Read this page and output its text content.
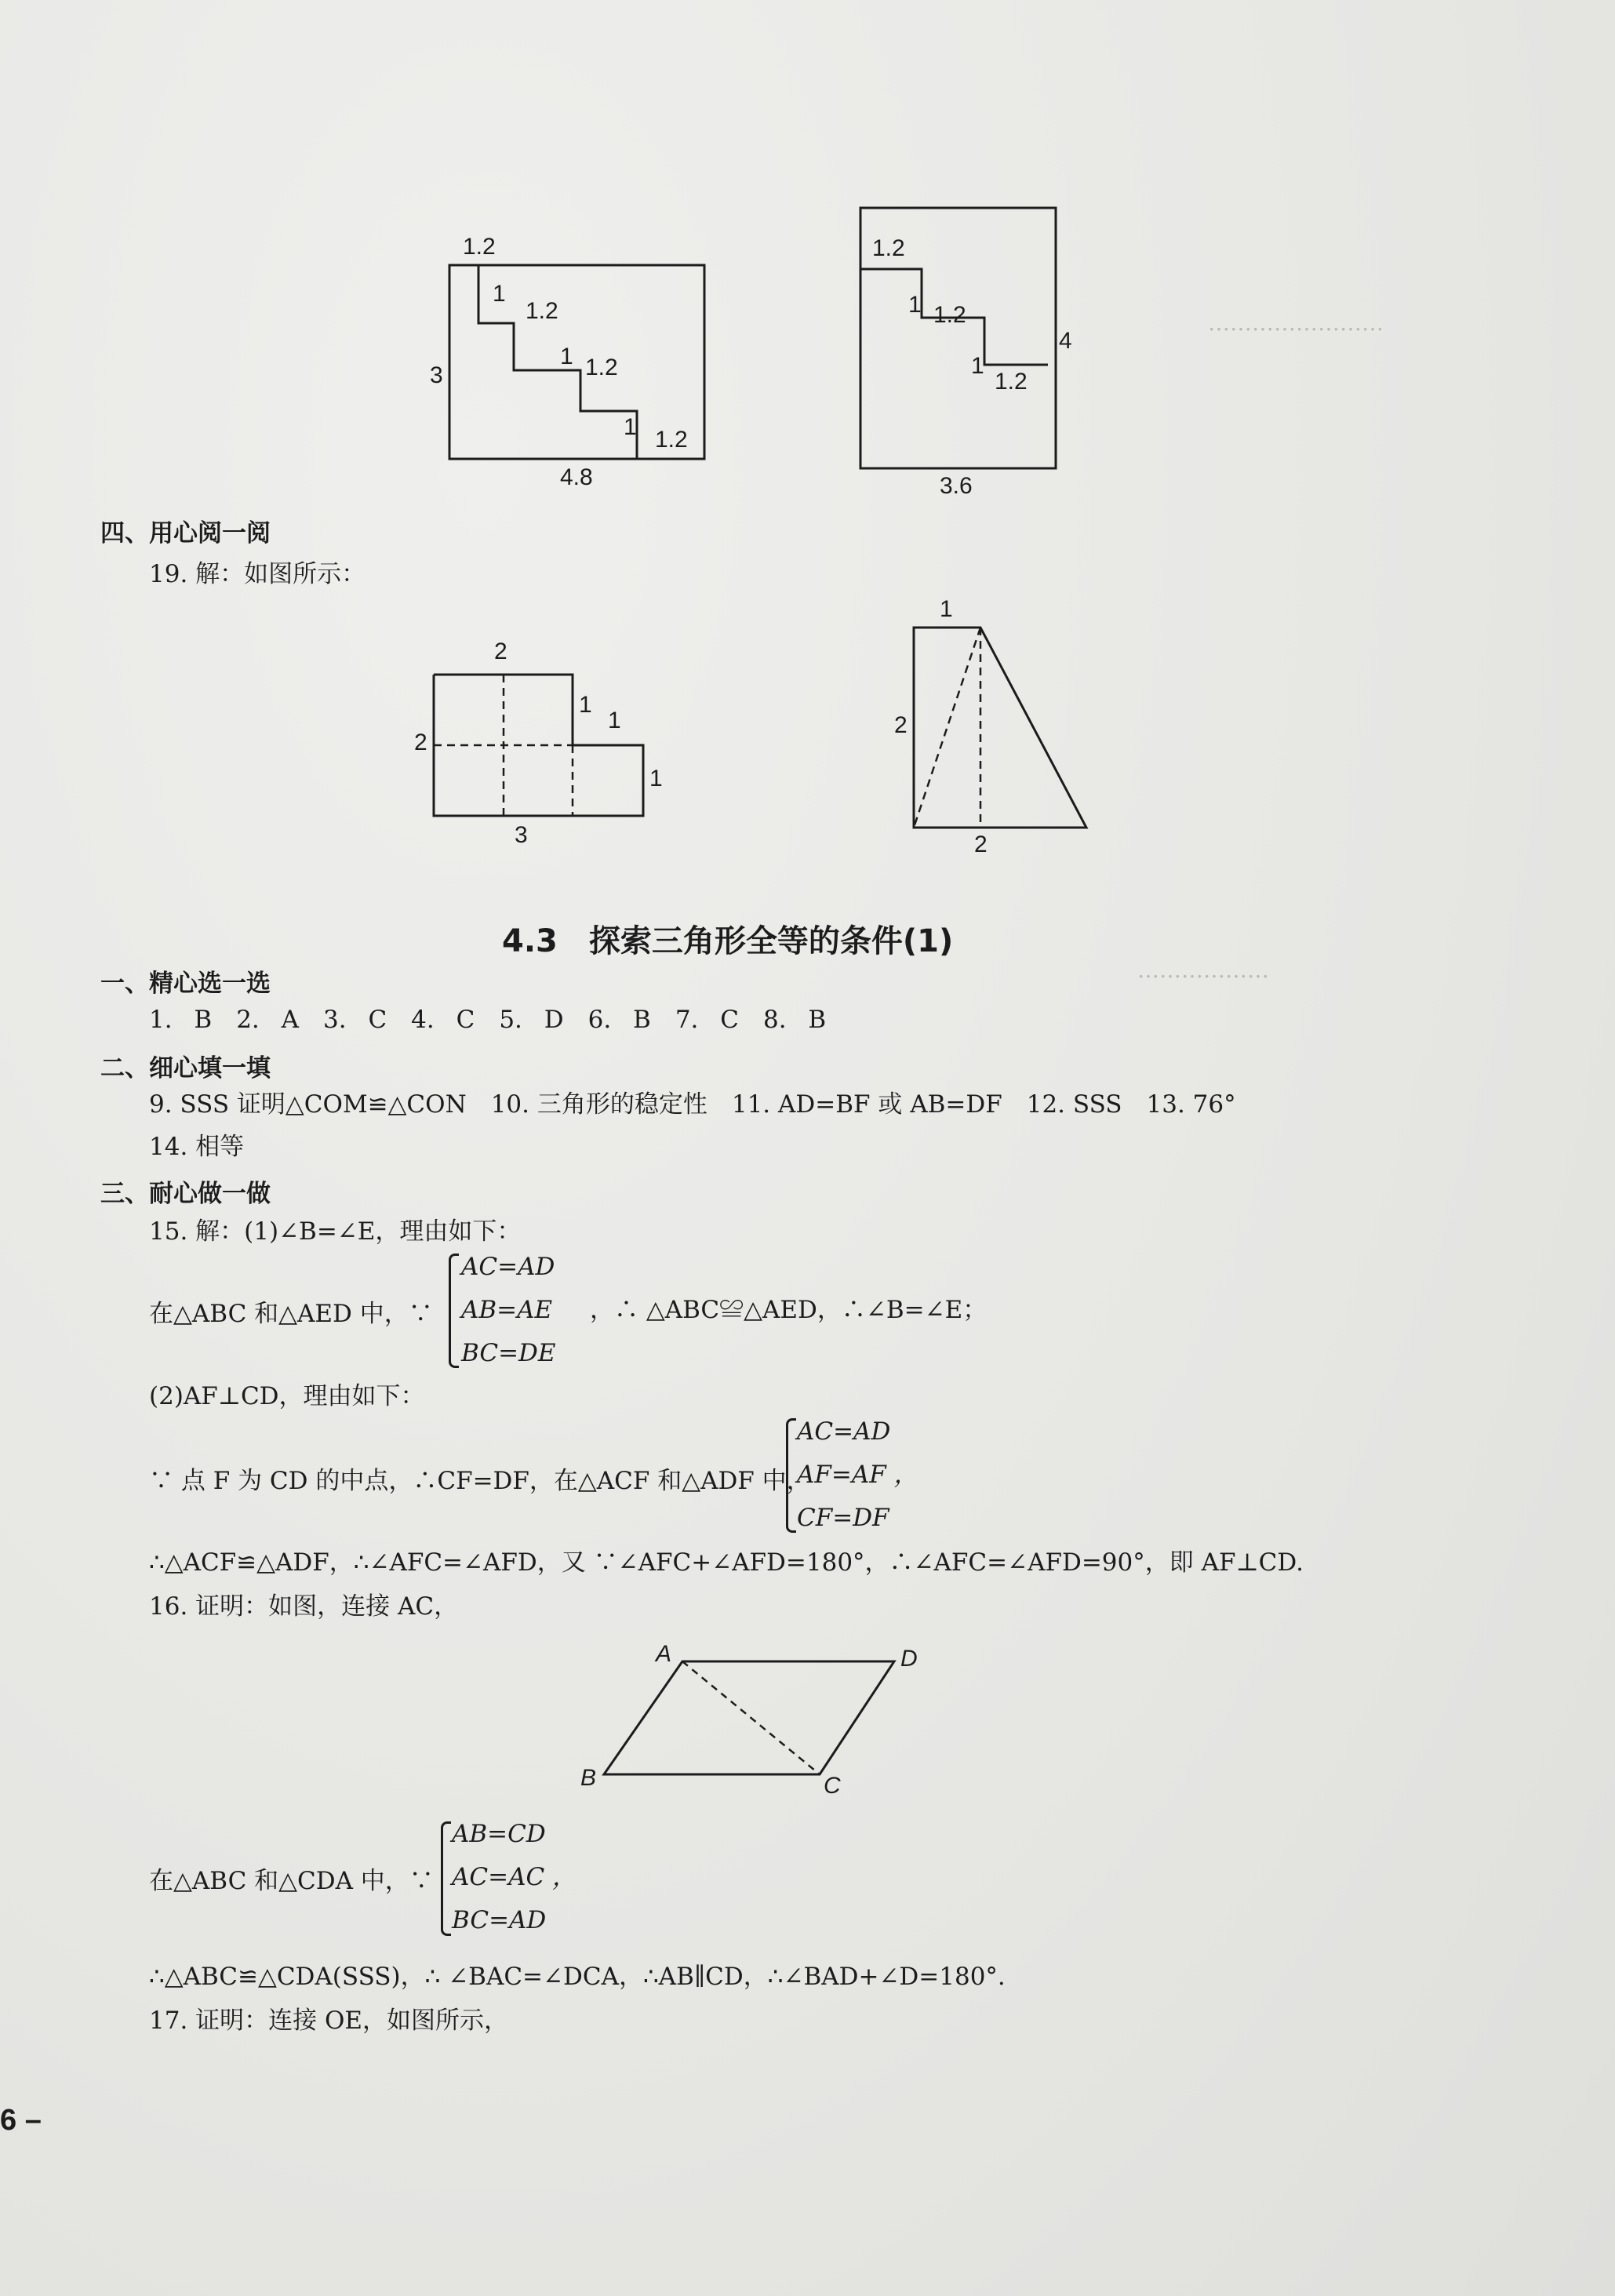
……………………
………………
1.2
1
1.2
1 1.2
1 1.2
3
4.8
1.2
1 1.2
1
1.2
4
3.6
四、用心阅一阅
19. 解：如图所示：
2
1
1
2
1
3
1
2
2
4.3　探索三角形全等的条件(1)
一、精心选一选
1. B　2. A　3. C　4. C　5. D　6. B　7. C　8. B
二、细心填一填
9. SSS 证明△COM≌△CON　10. 三角形的稳定性　11. AD=BF 或 AB=DF　12. SSS　13. 76°
14. 相等
三、耐心做一做
15. 解：(1)∠B=∠E，理由如下：
在△ABC 和△AED 中，∵
AC=AD
AB=AE
BC=DE
，∴ △ABC≌△AED，∴∠B=∠E；
(2)AF⊥CD，理由如下：
∵ 点 F 为 CD 的中点，∴CF=DF，在△ACF 和△ADF 中，
AC=AD
AF=AF ，
CF=DF
∴△ACF≌△ADF，∴∠AFC=∠AFD，又 ∵∠AFC+∠AFD=180°，∴∠AFC=∠AFD=90°，即 AF⊥CD.
16. 证明：如图，连接 AC，
A	D
B	C
在△ABC 和△CDA 中，∵
AB=CD
AC=AC ，
BC=AD
∴△ABC≌△CDA(SSS)，∴ ∠BAC=∠DCA，∴AB∥CD，∴∠BAD+∠D=180°.
17. 证明：连接 OE，如图所示，
6 –
